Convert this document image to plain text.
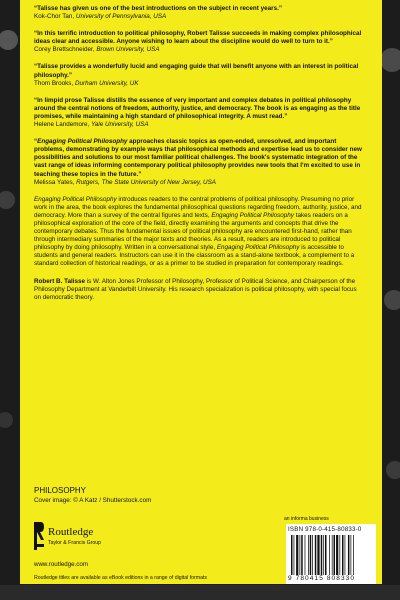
“Talisse has given us one of the best introductions on the subject in recent years.”
Kok-Chor Tan, University of Pennsylvania, USA

“In this terrific introduction to political philosophy, Robert Talisse succeeds in making complex philosophical ideas clear and accessible. Anyone wishing to learn about the discipline would do well to turn to it.”
Corey Brettschneider, Brown University, USA

“Talisse provides a wonderfully lucid and engaging guide that will benefit anyone with an interest in political philosophy.”
Thom Brooks, Durham University, UK

“In limpid prose Talisse distills the essence of very important and complex debates in political philosophy around the central notions of freedom, authority, justice, and democracy. The book is as engaging as the title promises, while maintaining a high standard of philosophical integrity. A must read.”
Helene Landemore, Yale University, USA

“Engaging Political Philosophy approaches classic topics as open-ended, unresolved, and important problems, demonstrating by example ways that philosophical methods and expertise lead us to consider new possibilities and solutions to our most familiar political challenges. The book's systematic integration of the vast range of ideas informing contemporary political philosophy provides new tools that I'm excited to use in teaching these topics in the future.”
Melissa Yates, Rutgers, The State University of New Jersey, USA

Engaging Political Philosophy introduces readers to the central problems of political philosophy. Presuming no prior work in the area, the book explores the fundamental philosophical questions regarding freedom, authority, justice, and democracy. More than a survey of the central figures and texts, Engaging Political Philosophy takes readers on a philosophical exploration of the core of the field, directly examining the arguments and concepts that drive the contemporary debates. Thus the fundamental issues of political philosophy are encountered first-hand, rather than through intermediary summaries of the major texts and theories. As a result, readers are introduced to political philosophy by doing philosophy. Written in a conversational style, Engaging Political Philosophy is accessible to students and general readers. Instructors can use it in the classroom as a stand-alone textbook, a complement to a standard collection of historical readings, or as a primer to be studied in preparation for contemporary readings.

Robert B. Talisse is W. Alton Jones Professor of Philosophy, Professor of Political Science, and Chairperson of the Philosophy Department at Vanderbilt University. His research specialization is political philosophy, with special focus on democratic theory.

PHILOSOPHY
Cover image: © A Katz / Shutterstock.com
Routledge
Taylor & Francis Group
www.routledge.com
Routledge titles are available as eBook editions in a range of digital formats
an informa business
ISBN 978-0-415-80833-0
9 780415 808330
